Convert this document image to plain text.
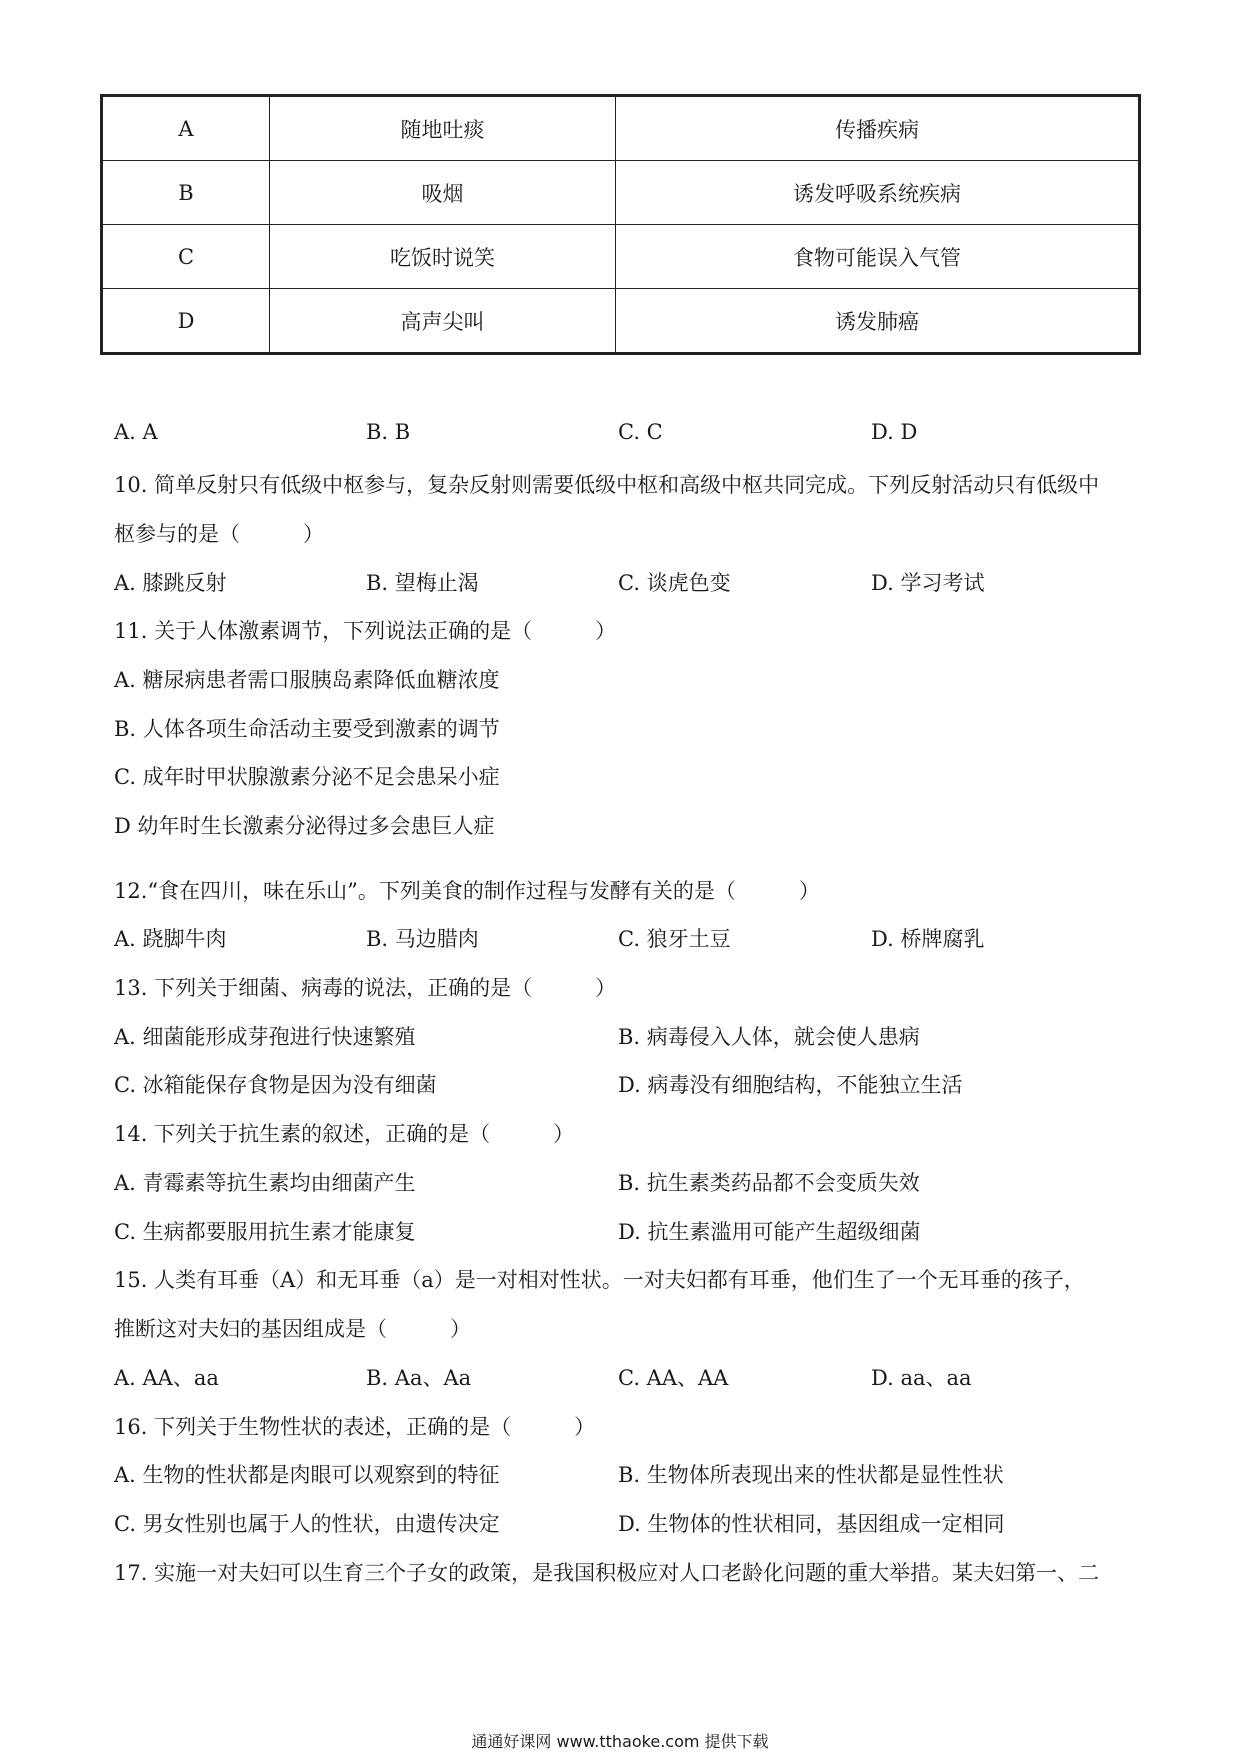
A	随地吐痰	传播疾病
B	吸烟	诱发呼吸系统疾病
C	吃饭时说笑	食物可能误入气管
D	高声尖叫	诱发肺癌
A. A	B. B	C. C	D. D
10. 简单反射只有低级中枢参与，复杂反射则需要低级中枢和高级中枢共同完成。下列反射活动只有低级中
枢参与的是（　　　）
A. 膝跳反射	B. 望梅止渴	C. 谈虎色变	D. 学习考试
11. 关于人体激素调节，下列说法正确的是（　　　）
A. 糖尿病患者需口服胰岛素降低血糖浓度
B. 人体各项生命活动主要受到激素的调节
C. 成年时甲状腺激素分泌不足会患呆小症
D 幼年时生长激素分泌得过多会患巨人症
12.“食在四川，味在乐山”。下列美食的制作过程与发酵有关的是（　　　）
A. 跷脚牛肉	B. 马边腊肉	C. 狼牙土豆	D. 桥牌腐乳
13. 下列关于细菌、病毒的说法，正确的是（　　　）
A. 细菌能形成芽孢进行快速繁殖	B. 病毒侵入人体，就会使人患病
C. 冰箱能保存食物是因为没有细菌	D. 病毒没有细胞结构，不能独立生活
14. 下列关于抗生素的叙述，正确的是（　　　）
A. 青霉素等抗生素均由细菌产生	B. 抗生素类药品都不会变质失效
C. 生病都要服用抗生素才能康复	D. 抗生素滥用可能产生超级细菌
15. 人类有耳垂（A）和无耳垂（a）是一对相对性状。一对夫妇都有耳垂，他们生了一个无耳垂的孩子，
推断这对夫妇的基因组成是（　　　）
A. AA、aa	B. Aa、Aa	C. AA、AA	D. aa、aa
16. 下列关于生物性状的表述，正确的是（　　　）
A. 生物的性状都是肉眼可以观察到的特征	B. 生物体所表现出来的性状都是显性性状
C. 男女性别也属于人的性状，由遗传决定	D. 生物体的性状相同，基因组成一定相同
17. 实施一对夫妇可以生育三个子女的政策，是我国积极应对人口老龄化问题的重大举措。某夫妇第一、二
通通好课网 www.tthaoke.com 提供下载
